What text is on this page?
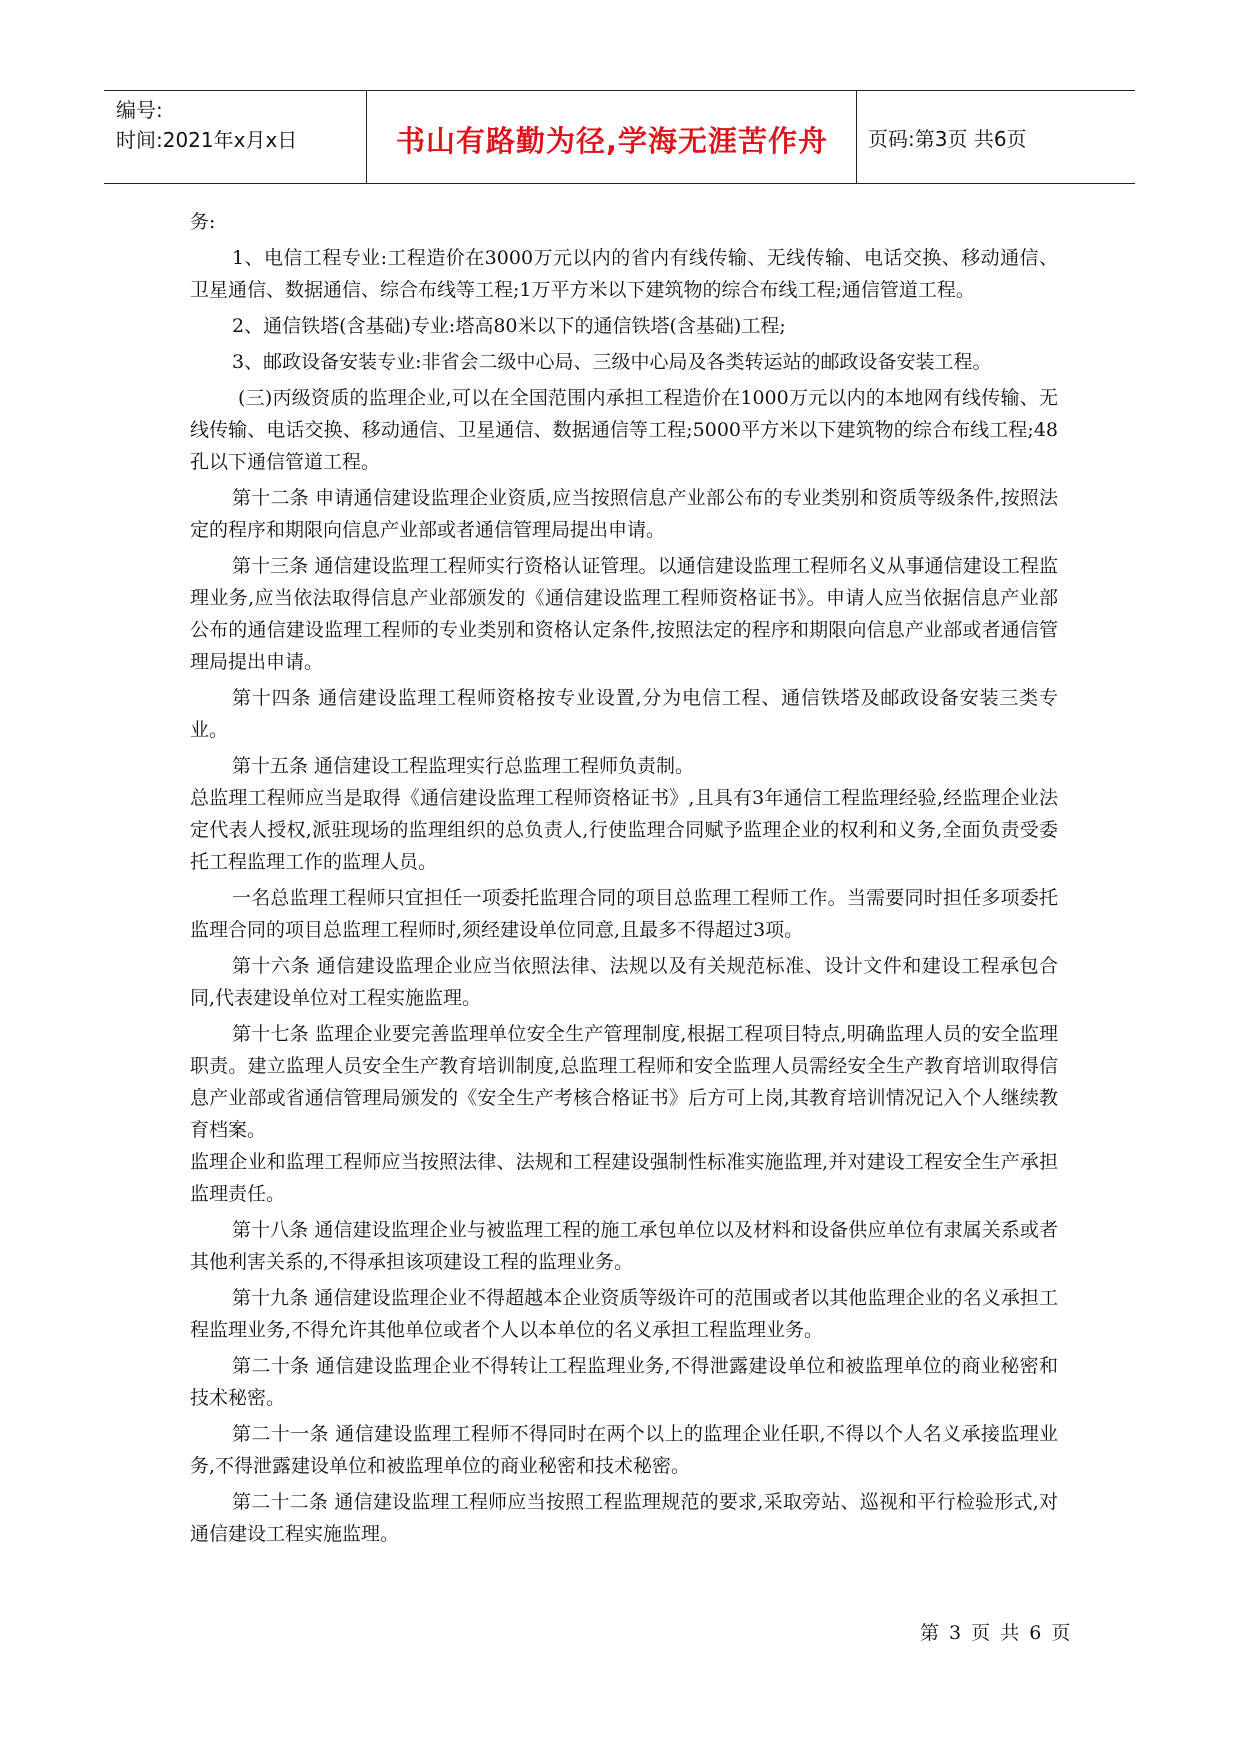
编号:
时间:2021年x月x日	书山有路勤为径,学海无涯苦作舟	页码:第3页 共6页

务:

1、电信工程专业:工程造价在3000万元以内的省内有线传输、无线传输、电话交换、移动通信、卫星通信、数据通信、综合布线等工程;1万平方米以下建筑物的综合布线工程;通信管道工程。

2、通信铁塔(含基础)专业:塔高80米以下的通信铁塔(含基础)工程;

3、邮政设备安装专业:非省会二级中心局、三级中心局及各类转运站的邮政设备安装工程。

(三)丙级资质的监理企业,可以在全国范围内承担工程造价在1000万元以内的本地网有线传输、无线传输、电话交换、移动通信、卫星通信、数据通信等工程;5000平方米以下建筑物的综合布线工程;48孔以下通信管道工程。

第十二条 申请通信建设监理企业资质,应当按照信息产业部公布的专业类别和资质等级条件,按照法定的程序和期限向信息产业部或者通信管理局提出申请。

第十三条 通信建设监理工程师实行资格认证管理。以通信建设监理工程师名义从事通信建设工程监理业务,应当依法取得信息产业部颁发的《通信建设监理工程师资格证书》。申请人应当依据信息产业部公布的通信建设监理工程师的专业类别和资格认定条件,按照法定的程序和期限向信息产业部或者通信管理局提出申请。

第十四条 通信建设监理工程师资格按专业设置,分为电信工程、通信铁塔及邮政设备安装三类专业。

第十五条 通信建设工程监理实行总监理工程师负责制。

总监理工程师应当是取得《通信建设监理工程师资格证书》,且具有3年通信工程监理经验,经监理企业法定代表人授权,派驻现场的监理组织的总负责人,行使监理合同赋予监理企业的权利和义务,全面负责受委托工程监理工作的监理人员。

一名总监理工程师只宜担任一项委托监理合同的项目总监理工程师工作。当需要同时担任多项委托监理合同的项目总监理工程师时,须经建设单位同意,且最多不得超过3项。

第十六条 通信建设监理企业应当依照法律、法规以及有关规范标准、设计文件和建设工程承包合同,代表建设单位对工程实施监理。

第十七条 监理企业要完善监理单位安全生产管理制度,根据工程项目特点,明确监理人员的安全监理职责。建立监理人员安全生产教育培训制度,总监理工程师和安全监理人员需经安全生产教育培训取得信息产业部或省通信管理局颁发的《安全生产考核合格证书》后方可上岗,其教育培训情况记入个人继续教育档案。

监理企业和监理工程师应当按照法律、法规和工程建设强制性标准实施监理,并对建设工程安全生产承担监理责任。

第十八条 通信建设监理企业与被监理工程的施工承包单位以及材料和设备供应单位有隶属关系或者其他利害关系的,不得承担该项建设工程的监理业务。

第十九条 通信建设监理企业不得超越本企业资质等级许可的范围或者以其他监理企业的名义承担工程监理业务,不得允许其他单位或者个人以本单位的名义承担工程监理业务。

第二十条 通信建设监理企业不得转让工程监理业务,不得泄露建设单位和被监理单位的商业秘密和技术秘密。

第二十一条 通信建设监理工程师不得同时在两个以上的监理企业任职,不得以个人名义承接监理业务,不得泄露建设单位和被监理单位的商业秘密和技术秘密。

第二十二条 通信建设监理工程师应当按照工程监理规范的要求,采取旁站、巡视和平行检验形式,对通信建设工程实施监理。

第 3 页 共 6 页
